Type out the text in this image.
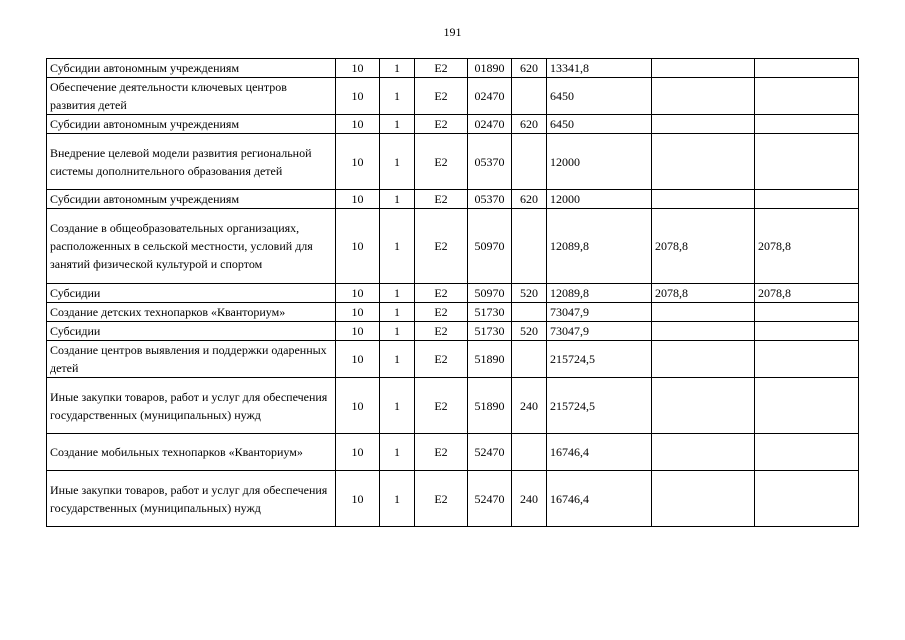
191
Субсидии автономным учреждениям	10	1	E2	01890	620	13341,8		
Обеспечение деятельности ключевых центров развития детей	10	1	E2	02470		6450		
Субсидии автономным учреждениям	10	1	E2	02470	620	6450		
Внедрение целевой модели развития региональной системы дополнительного образования детей	10	1	E2	05370		12000		
Субсидии автономным учреждениям	10	1	E2	05370	620	12000		
Создание в общеобразовательных организациях, расположенных в сельской местности, условий для занятий физической культурой и спортом	10	1	E2	50970		12089,8	2078,8	2078,8
Субсидии	10	1	E2	50970	520	12089,8	2078,8	2078,8
Создание детских технопарков «Кванториум»	10	1	E2	51730		73047,9		
Субсидии	10	1	E2	51730	520	73047,9		
Создание центров выявления и поддержки одаренных детей	10	1	E2	51890		215724,5		
Иные закупки товаров, работ и услуг для обеспечения государственных (муниципальных) нужд	10	1	E2	51890	240	215724,5		
Создание мобильных технопарков «Кванториум»	10	1	E2	52470		16746,4		
Иные закупки товаров, работ и услуг для обеспечения государственных (муниципальных) нужд	10	1	E2	52470	240	16746,4		
